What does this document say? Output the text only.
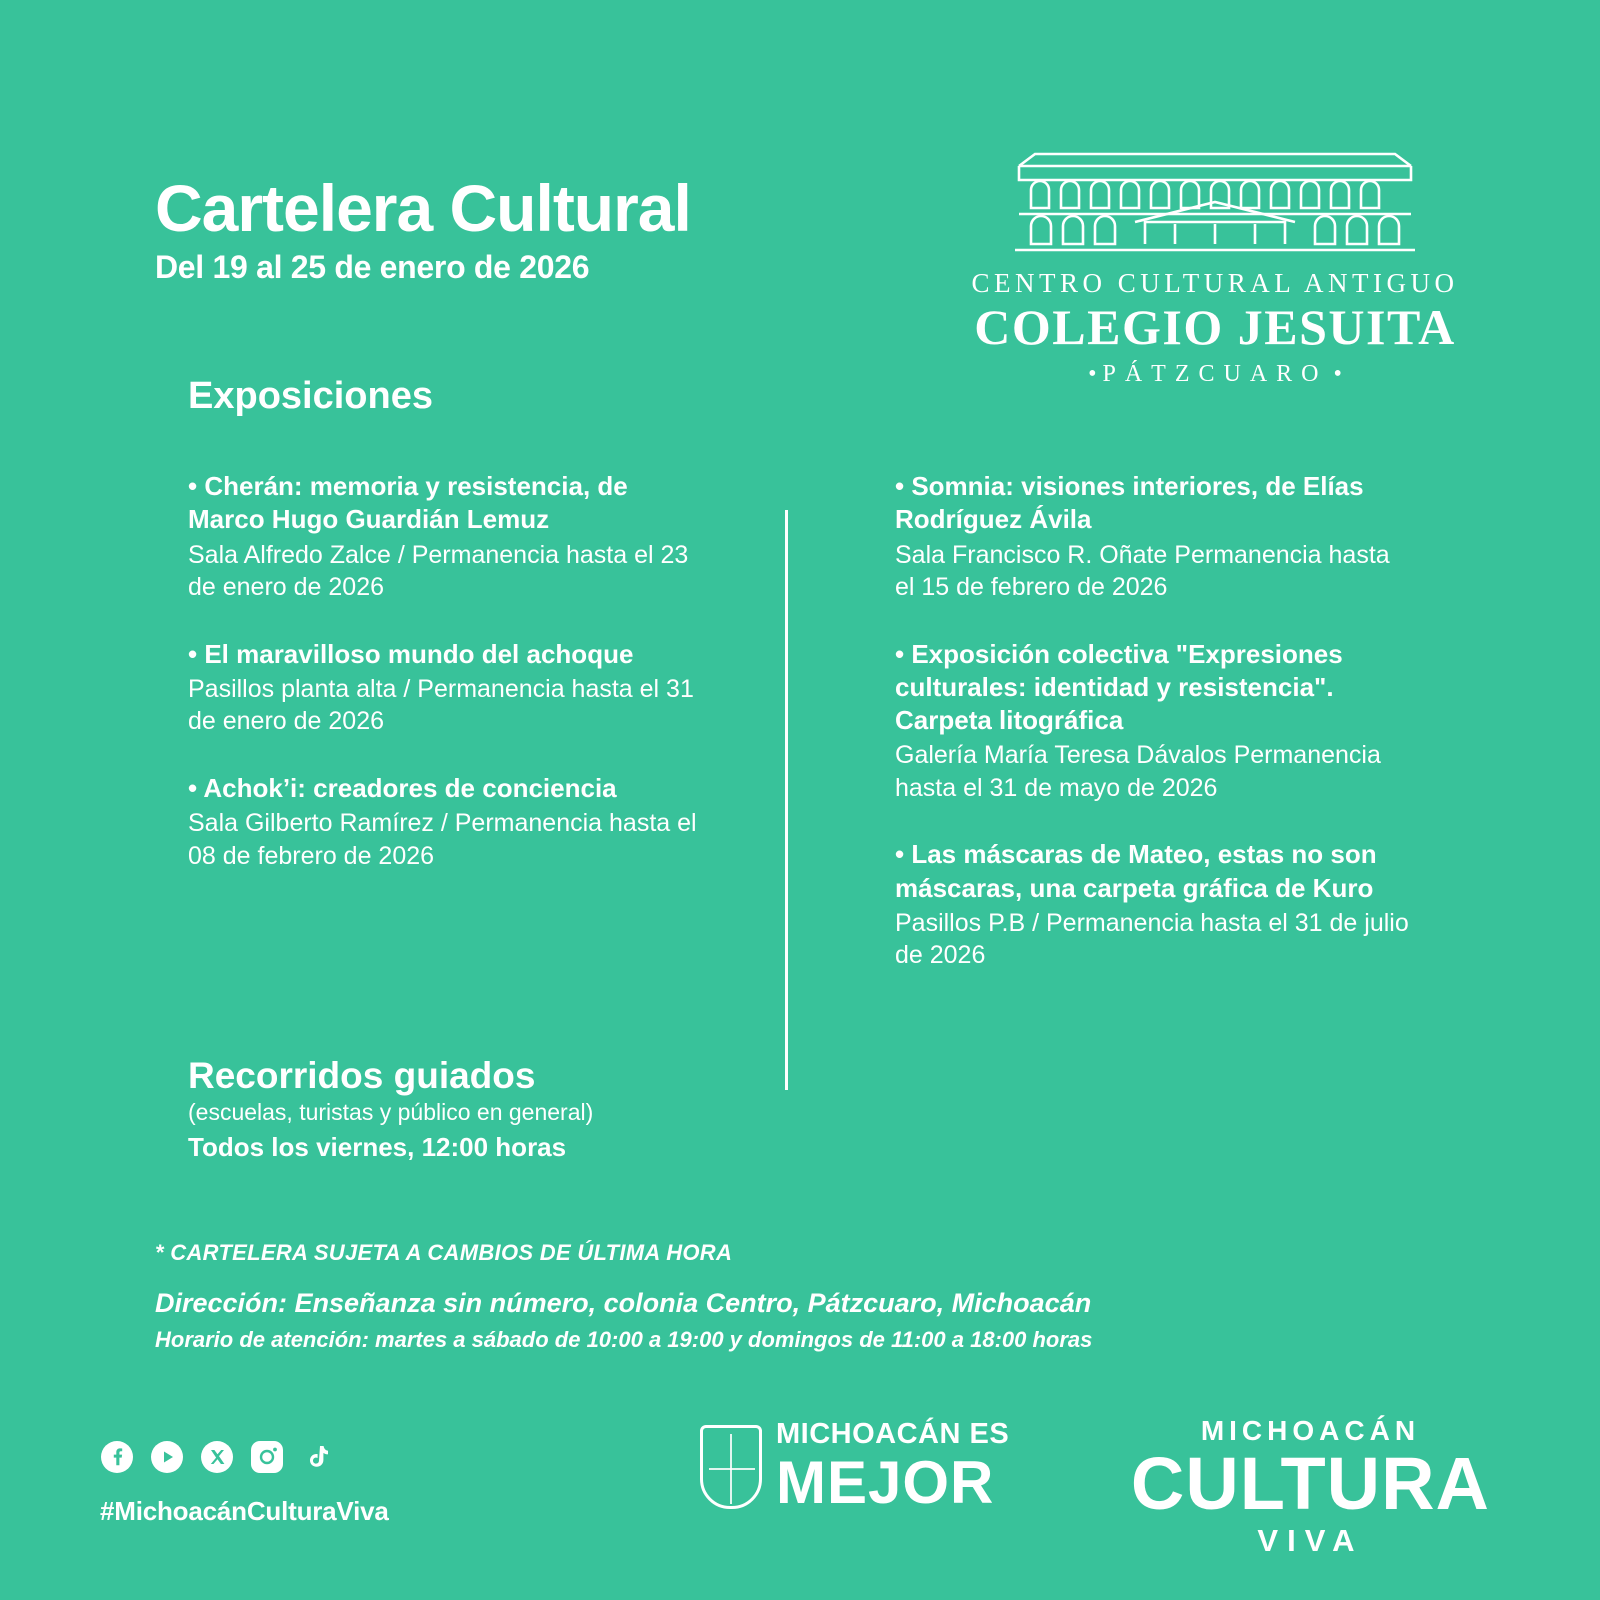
Cartelera Cultural
Del 19 al 25 de enero de 2026	CENTRO CULTURAL ANTIGUO
COLEGIO JESUITA
• PÁTZCUARO •
Exposiciones
• Cherán: memoria y resistencia, de Marco Hugo Guardián Lemuz
Sala Alfredo Zalce / Permanencia hasta el 23 de enero de 2026
• El maravilloso mundo del achoque
Pasillos planta alta / Permanencia hasta el 31 de enero de 2026
• Achok’i: creadores de conciencia
Sala Gilberto Ramírez / Permanencia hasta el 08 de febrero de 2026
• Somnia: visiones interiores, de Elías Rodríguez Ávila
Sala Francisco R. Oñate Permanencia hasta el 15 de febrero de 2026
• Exposición colectiva "Expresiones culturales: identidad y resistencia". Carpeta litográfica
Galería María Teresa Dávalos Permanencia hasta el 31 de mayo de 2026
• Las máscaras de Mateo, estas no son máscaras, una carpeta gráfica de Kuro
Pasillos P.B / Permanencia hasta el 31 de julio de 2026
Recorridos guiados
(escuelas, turistas y público en general)
Todos los viernes, 12:00 horas
* CARTELERA SUJETA A CAMBIOS DE ÚLTIMA HORA
Dirección: Enseñanza sin número, colonia Centro, Pátzcuaro, Michoacán
Horario de atención: martes a sábado de 10:00 a 19:00 y domingos de 11:00 a 18:00 horas
#MichoacánCulturaViva
MICHOACÁN ES
MEJOR
MICHOACÁN
CULTURA
VIVA
